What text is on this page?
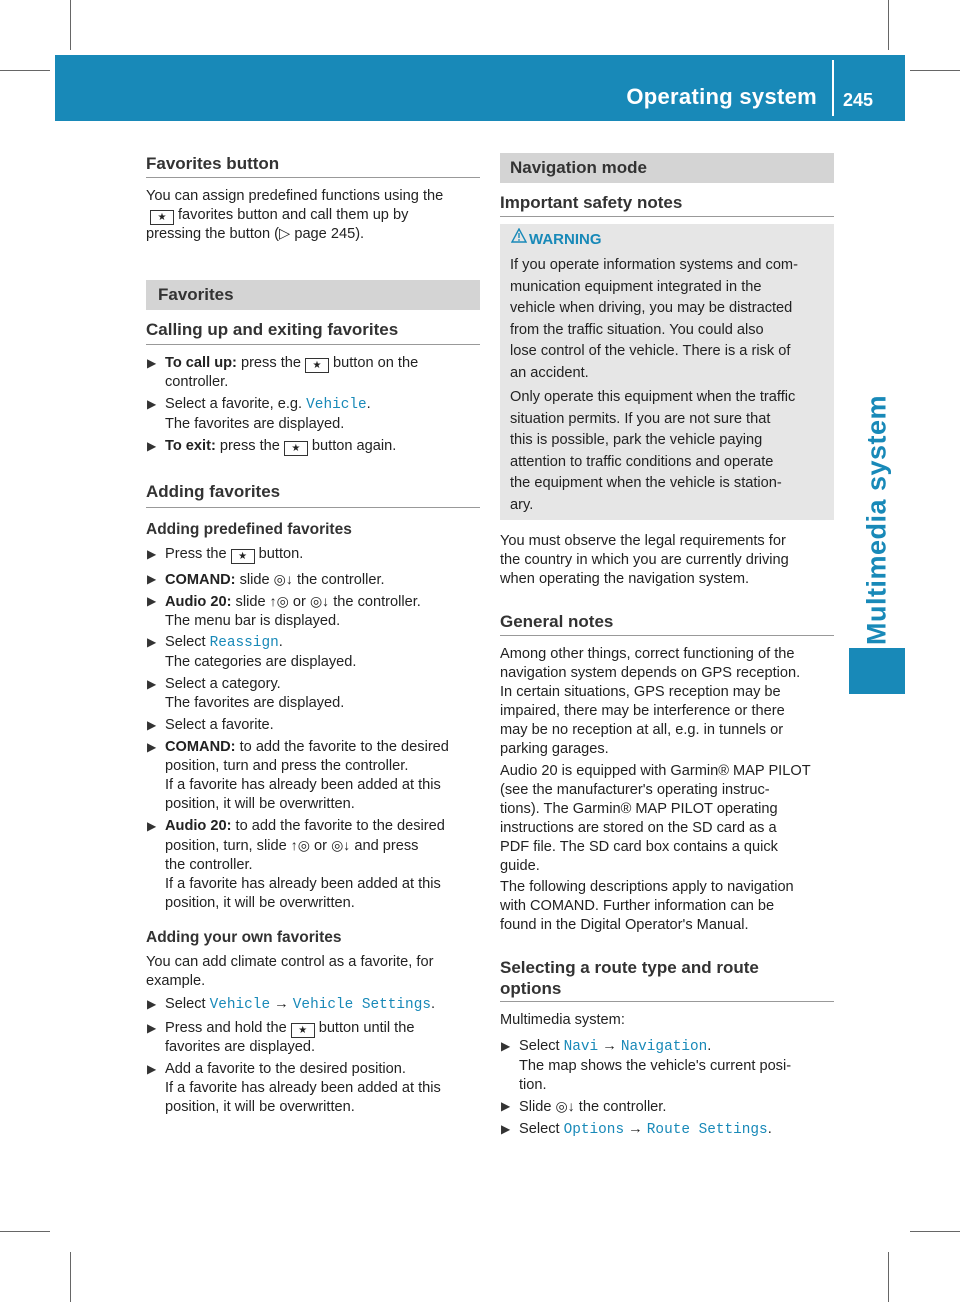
Operating system 245
Multimedia system
Favorites button
You can assign predefined functions using the
★ favorites button and call them up by
pressing the button (▷ page 245).
Favorites
Calling up and exiting favorites
▶ To call up: press the ★ button on the
controller.
▶ Select a favorite, e.g. Vehicle.
The favorites are displayed.
▶ To exit: press the ★ button again.
Adding favorites
Adding predefined favorites
▶ Press the ★ button.
▶ COMAND: slide ◎↓ the controller.
▶ Audio 20: slide ↑◎ or ◎↓ the controller.
The menu bar is displayed.
▶ Select Reassign.
The categories are displayed.
▶ Select a category.
The favorites are displayed.
▶ Select a favorite.
▶ COMAND: to add the favorite to the desired
position, turn and press the controller.
If a favorite has already been added at this
position, it will be overwritten.
▶ Audio 20: to add the favorite to the desired
position, turn, slide ↑◎ or ◎↓ and press
the controller.
If a favorite has already been added at this
position, it will be overwritten.
Adding your own favorites
You can add climate control as a favorite, for
example.
▶ Select Vehicle → Vehicle Settings.
▶ Press and hold the ★ button until the
favorites are displayed.
▶ Add a favorite to the desired position.
If a favorite has already been added at this
position, it will be overwritten.
Navigation mode
Important safety notes
WARNING
If you operate information systems and com-
munication equipment integrated in the
vehicle when driving, you may be distracted
from the traffic situation. You could also
lose control of the vehicle. There is a risk of
an accident.
Only operate this equipment when the traffic
situation permits. If you are not sure that
this is possible, park the vehicle paying
attention to traffic conditions and operate
the equipment when the vehicle is station-
ary.
You must observe the legal requirements for
the country in which you are currently driving
when operating the navigation system.
General notes
Among other things, correct functioning of the
navigation system depends on GPS reception.
In certain situations, GPS reception may be
impaired, there may be interference or there
may be no reception at all, e.g. in tunnels or
parking garages.
Audio 20 is equipped with Garmin® MAP PILOT
(see the manufacturer's operating instruc-
tions). The Garmin® MAP PILOT operating
instructions are stored on the SD card as a
PDF file. The SD card box contains a quick
guide.
The following descriptions apply to navigation
with COMAND. Further information can be
found in the Digital Operator's Manual.
Selecting a route type and route
options
Multimedia system:
▶ Select Navi → Navigation.
The map shows the vehicle's current posi-
tion.
▶ Slide ◎↓ the controller.
▶ Select Options → Route Settings.
